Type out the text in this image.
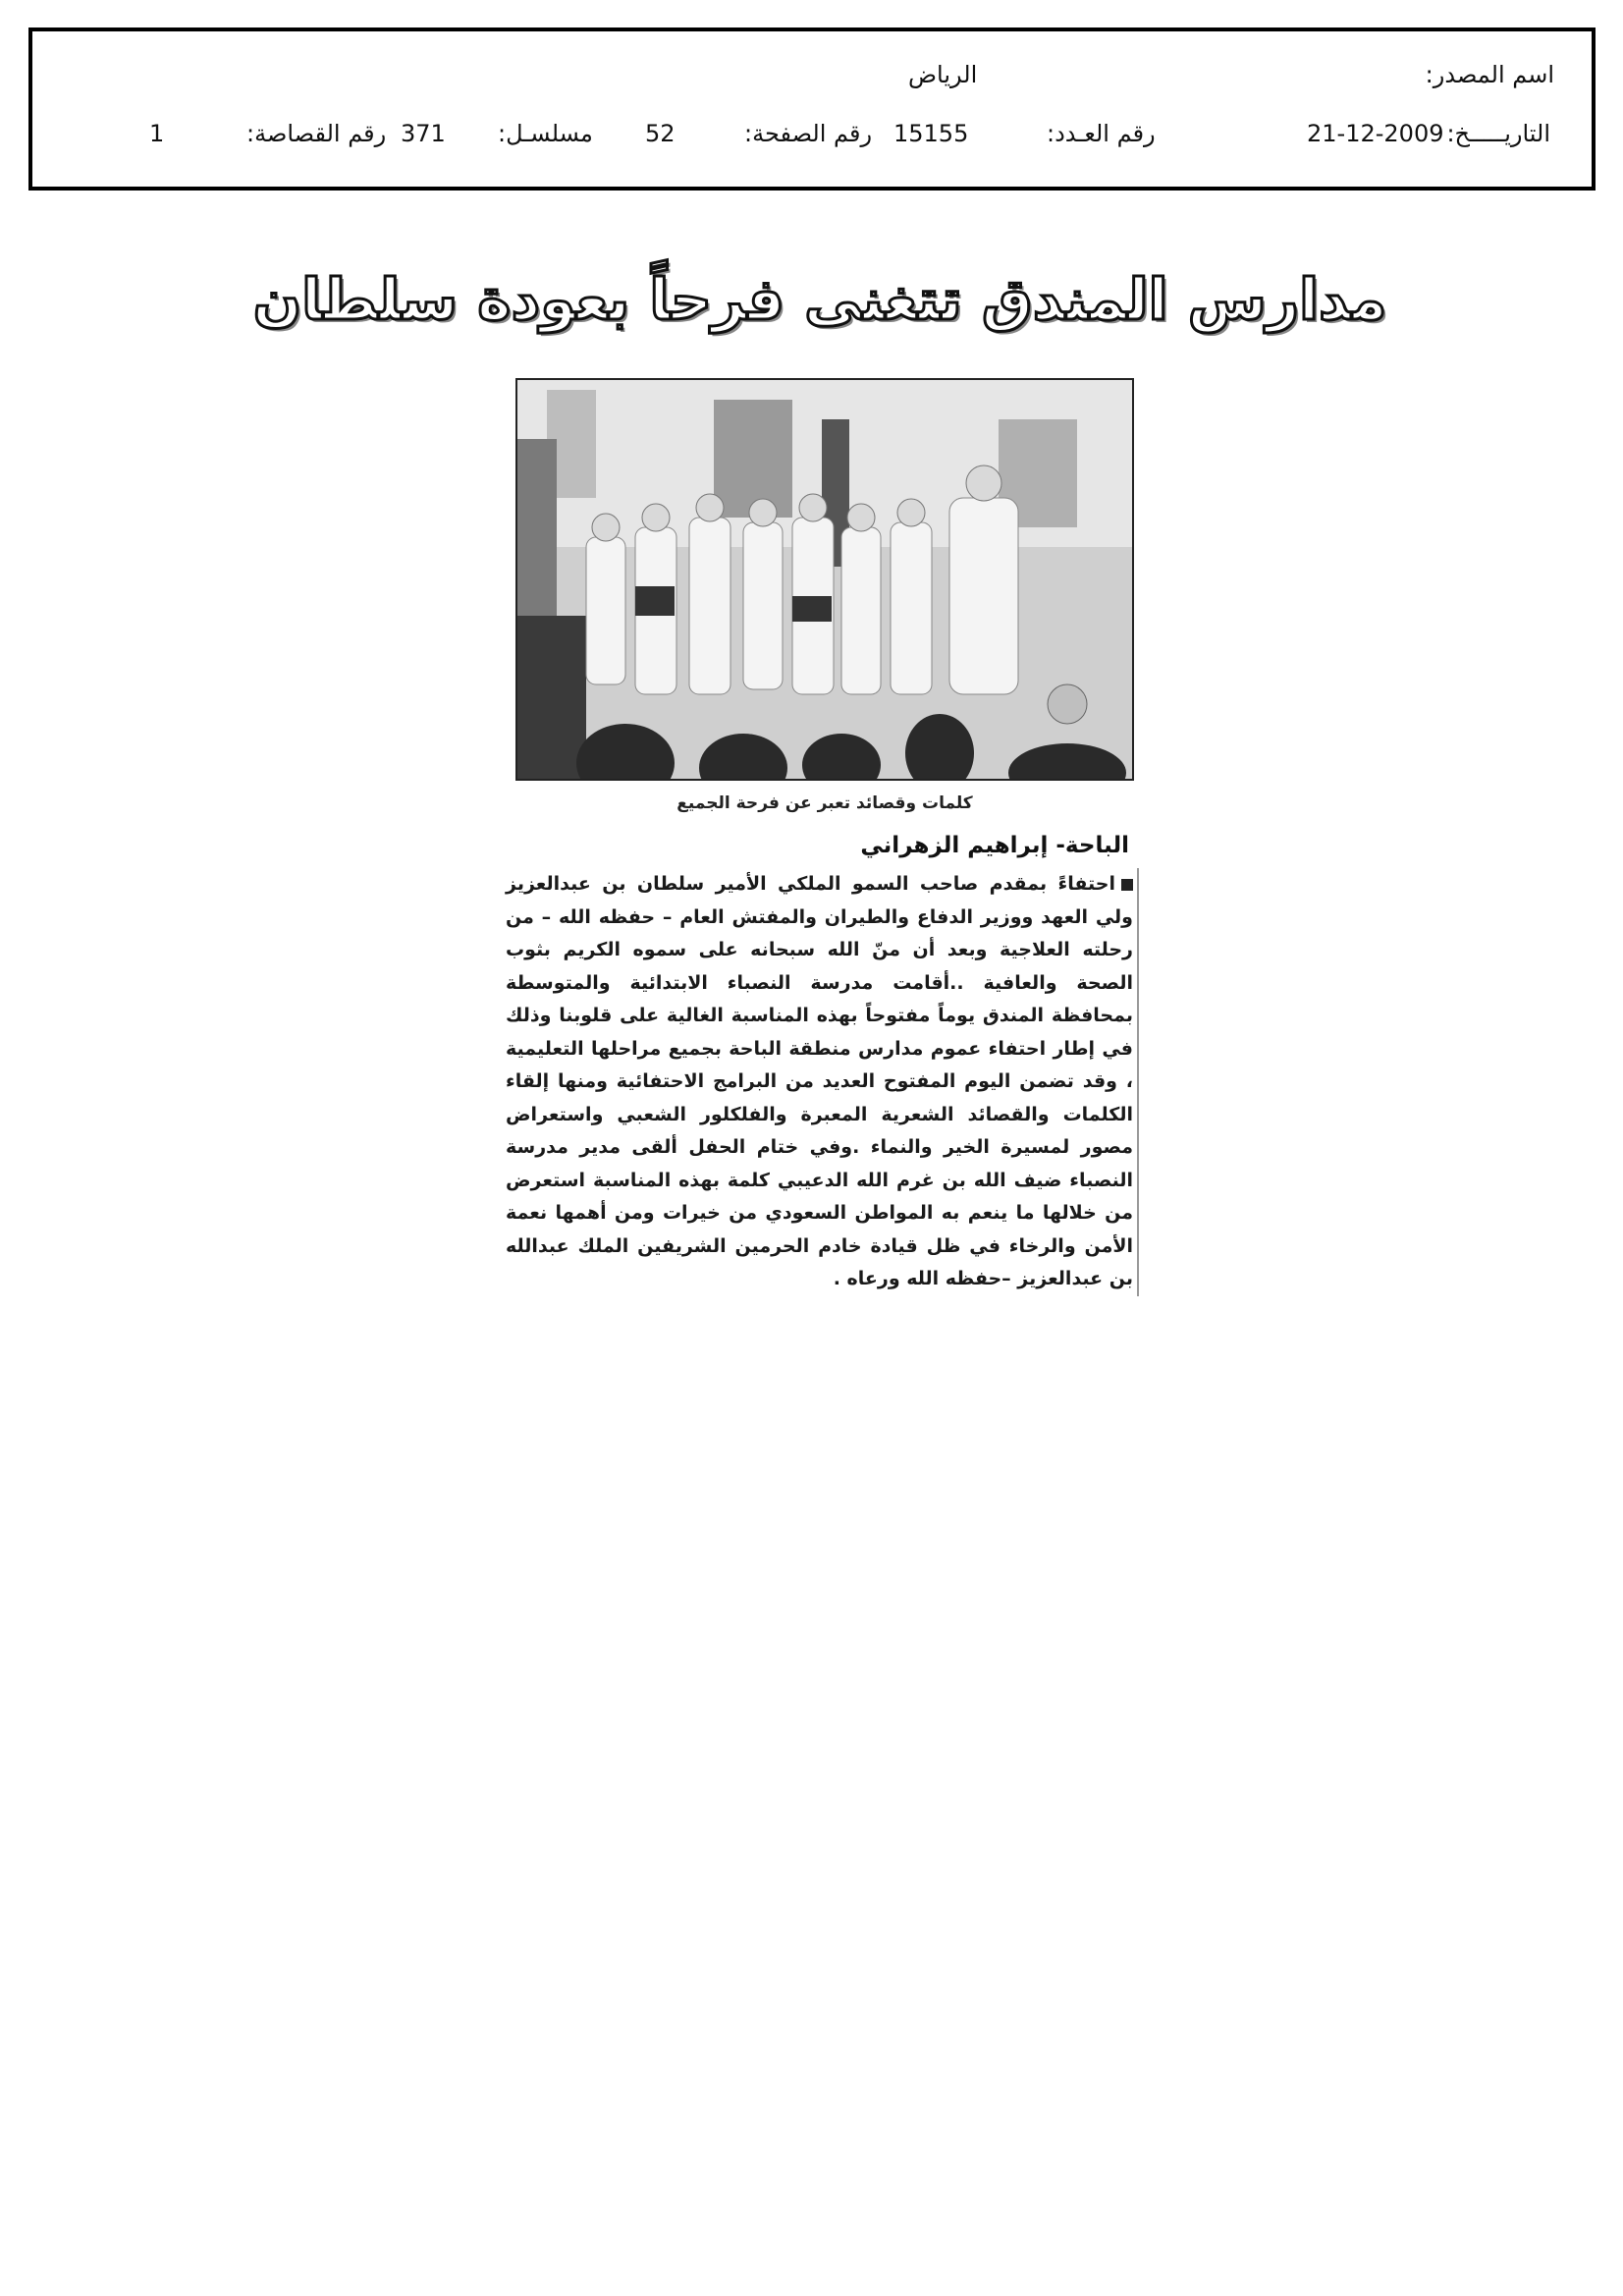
اسم المصدر:
الرياض
التاريـــــخ:
21-12-2009
رقم العـدد:
15155
رقم الصفحة:
52
مسلسـل:
371
رقم القصاصة:
1
مدارس المندق تتغنى فرحاً بعودة سلطان
كلمات وقصائد تعبر عن فرحة الجميع
الباحة- إبراهيم الزهراني
احتفاءً بمقدم صاحب السمو الملكي الأمير سلطان بن عبدالعزيز ولي العهد ووزير الدفاع والطيران والمفتش العام – حفظه الله – من رحلته العلاجية وبعد أن منّ الله سبحانه على سموه الكريم بثوب الصحة والعافية ..أقامت مدرسة النصباء الابتدائية والمتوسطة بمحافظة المندق يوماً مفتوحاً بهذه المناسبة الغالية على قلوبنا وذلك في إطار احتفاء عموم مدارس منطقة الباحة بجميع مراحلها التعليمية ، وقد تضمن اليوم المفتوح العديد من البرامج الاحتفائية ومنها إلقاء الكلمات والقصائد الشعرية المعبرة والفلكلور الشعبي واستعراض مصور لمسيرة الخير والنماء .وفي ختام الحفل ألقى مدير مدرسة النصباء ضيف الله بن غرم الله الدعيبي كلمة بهذه المناسبة استعرض من خلالها ما ينعم به المواطن السعودي من خيرات ومن أهمها نعمة الأمن والرخاء في ظل قيادة خادم الحرمين الشريفين الملك عبدالله بن عبدالعزيز –حفظه الله ورعاه .
